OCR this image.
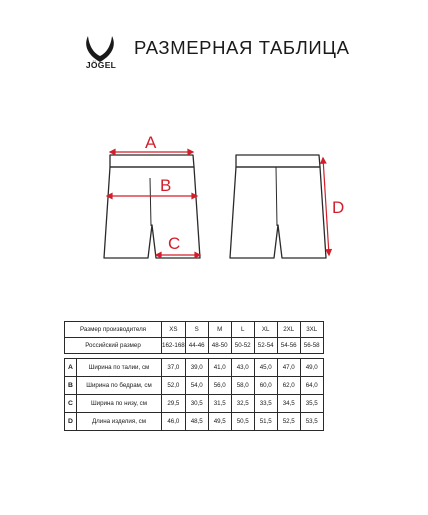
JÖGEL
РАЗМЕРНАЯ ТАБЛИЦА
A
B
C
D
Размер производителя		XS	S	M	L	XL	2XL	3XL
Российский размер		162-168	44-46	48-50	50-52	52-54	54-56	56-58

A	Ширина по талии, см	37,0	39,0	41,0	43,0	45,0	47,0	49,0
B	Ширина по бедрам, см	52,0	54,0	56,0	58,0	60,0	62,0	64,0
C	Ширина по низу, см	29,5	30,5	31,5	32,5	33,5	34,5	35,5
D	Длина изделия, см	46,0	48,5	49,5	50,5	51,5	52,5	53,5
